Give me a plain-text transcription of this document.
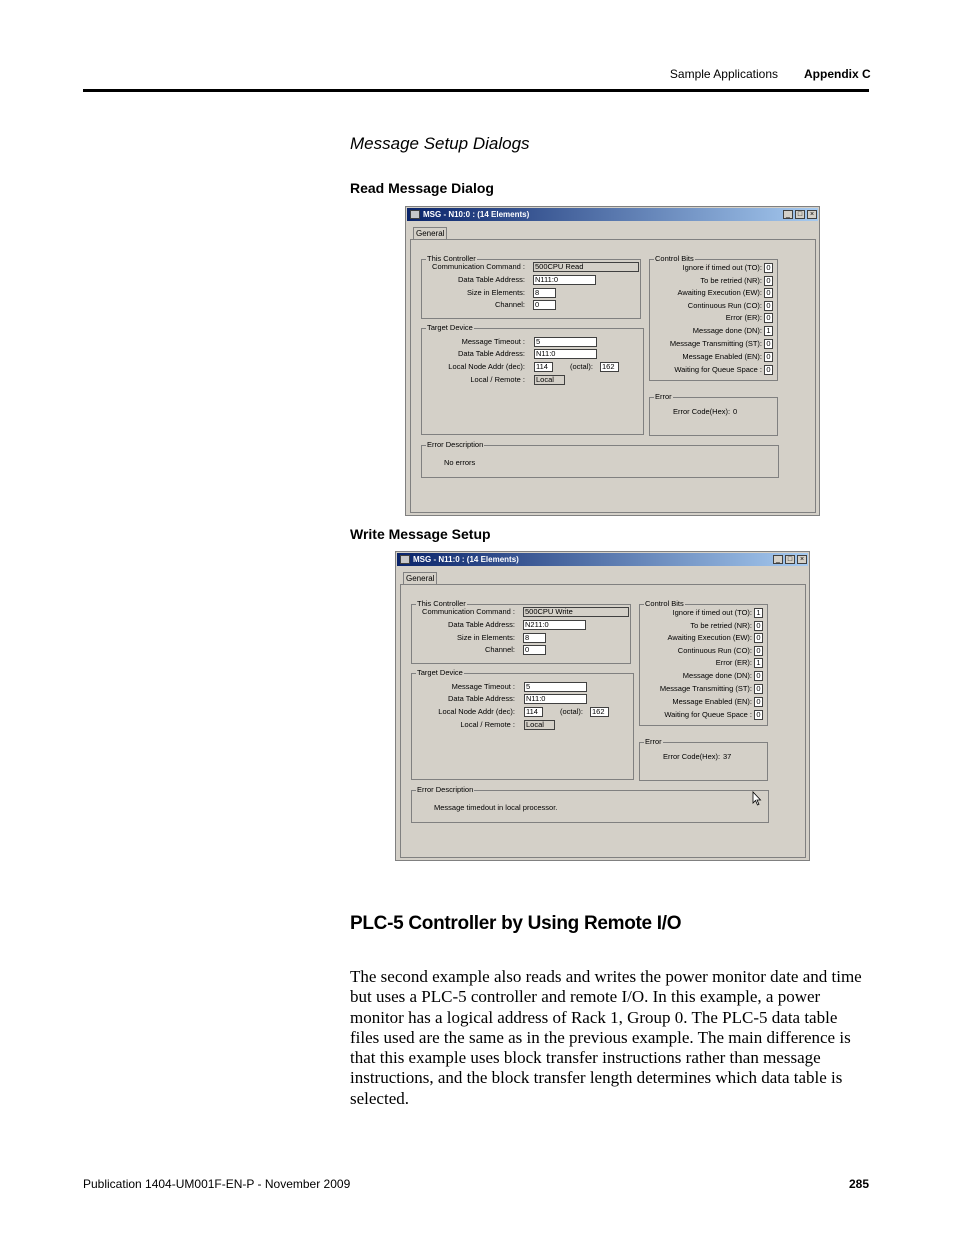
Sample Applications Appendix C
Message Setup Dialogs
Read Message Dialog
MSG - N10:0 : (14 Elements)	_	□	×
General
This Controller
Communication Command : 500CPU Read
Data Table Address: N111:0
Size in Elements: 8
Channel: 0
Target Device
Message Timeout : 5
Data Table Address: N11:0
Local Node Addr (dec): 114	(octal): 162
Local / Remote : Local
Control Bits
Ignore if timed out (TO): 0
To be retried (NR): 0
Awaiting Execution (EW): 0
Continuous Run (CO): 0
Error (ER): 0
Message done (DN): 1
Message Transmitting (ST): 0
Message Enabled (EN): 0
Waiting for Queue Space : 0
Error
Error Code(Hex): 0
Error Description
No errors
Write Message Setup
MSG - N11:0 : (14 Elements)	_	□	×
General
This Controller
Communication Command : 500CPU Write
Data Table Address: N211:0
Size in Elements: 8
Channel: 0
Target Device
Message Timeout : 5
Data Table Address: N11:0
Local Node Addr (dec): 114	(octal): 162
Local / Remote : Local
Control Bits
Ignore if timed out (TO): 1
To be retried (NR): 0
Awaiting Execution (EW): 0
Continuous Run (CO): 0
Error (ER): 1
Message done (DN): 0
Message Transmitting (ST): 0
Message Enabled (EN): 0
Waiting for Queue Space : 0
Error
Error Code(Hex): 37
Error Description
Message timedout in local processor.
PLC-5 Controller by Using Remote I/O
The second example also reads and writes the power monitor date and time but uses a PLC-5 controller and remote I/O. In this example, a power monitor has a logical address of Rack 1, Group 0. The PLC-5 data table files used are the same as in the previous example. The main difference is that this example uses block transfer instructions rather than message instructions, and the block transfer length determines which data table is selected.
Publication 1404-UM001F-EN-P - November 2009	285
